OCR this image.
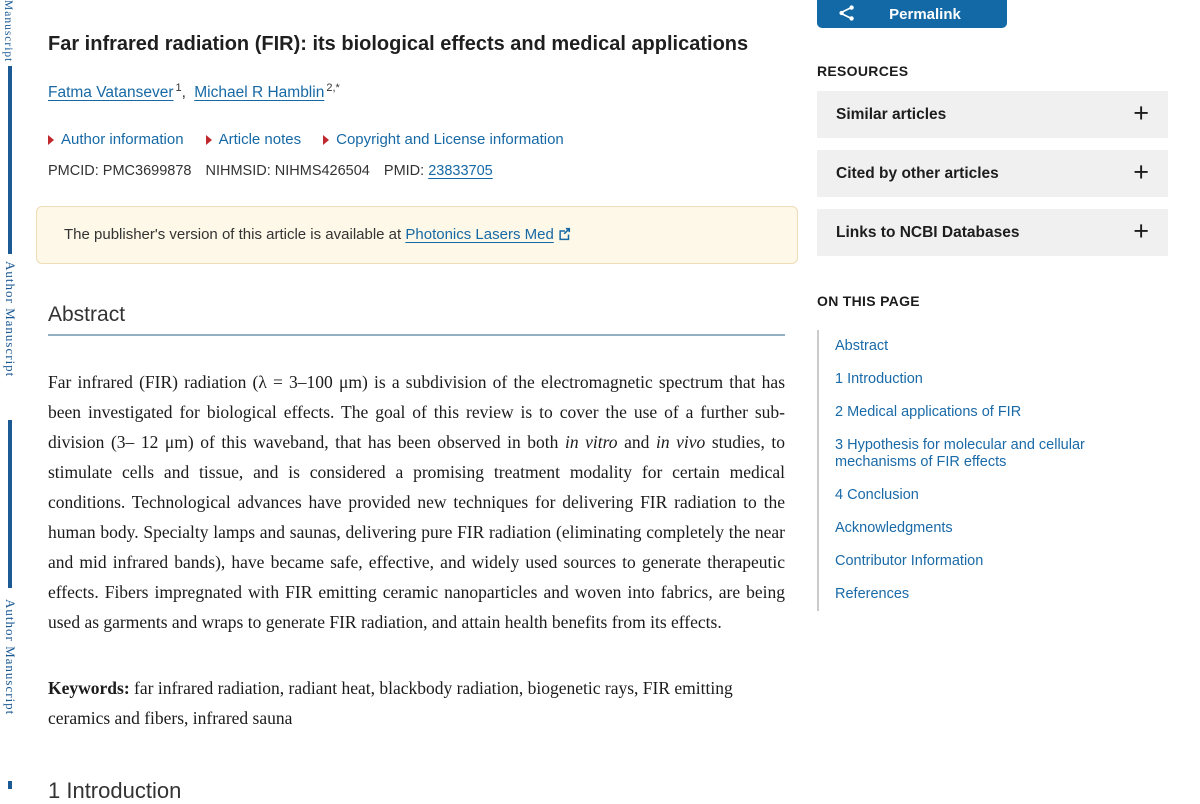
Manuscript
Author Manuscript
Author Manuscript
Far infrared radiation (FIR): its biological effects and medical applications
Fatma Vatansever $^1$, Michael R Hamblin $^{2,*}$
Author information Article notes Copyright and License information
PMCID: PMC3699878 NIHMSID: NIHMS426504 PMID: 23833705
The publisher's version of this article is available at Photonics Lasers Med
Abstract

Far infrared (FIR) radiation (λ = 3–100 μm) is a subdivision of the electromagnetic spectrum that has been investigated for biological effects. The goal of this review is to cover the use of a further sub-division (3– 12 μm) of this waveband, that has been observed in both in vitro and in vivo studies, to stimulate cells and tissue, and is considered a promising treatment modality for certain medical conditions. Technological advances have provided new techniques for delivering FIR radiation to the human body. Specialty lamps and saunas, delivering pure FIR radiation (eliminating completely the near and mid infrared bands), have became safe, effective, and widely used sources to generate therapeutic effects. Fibers impregnated with FIR emitting ceramic nanoparticles and woven into fabrics, are being used as garments and wraps to generate FIR radiation, and attain health benefits from its effects.

Keywords: far infrared radiation, radiant heat, blackbody radiation, biogenetic rays, FIR emitting ceramics and fibers, infrared sauna

1 Introduction
Permalink
RESOURCES
Similar articles	+
Cited by other articles	+
Links to NCBI Databases	+
ON THIS PAGE
Abstract
1 Introduction
2 Medical applications of FIR
3 Hypothesis for molecular and cellular mechanisms of FIR effects
4 Conclusion
Acknowledgments
Contributor Information
References
